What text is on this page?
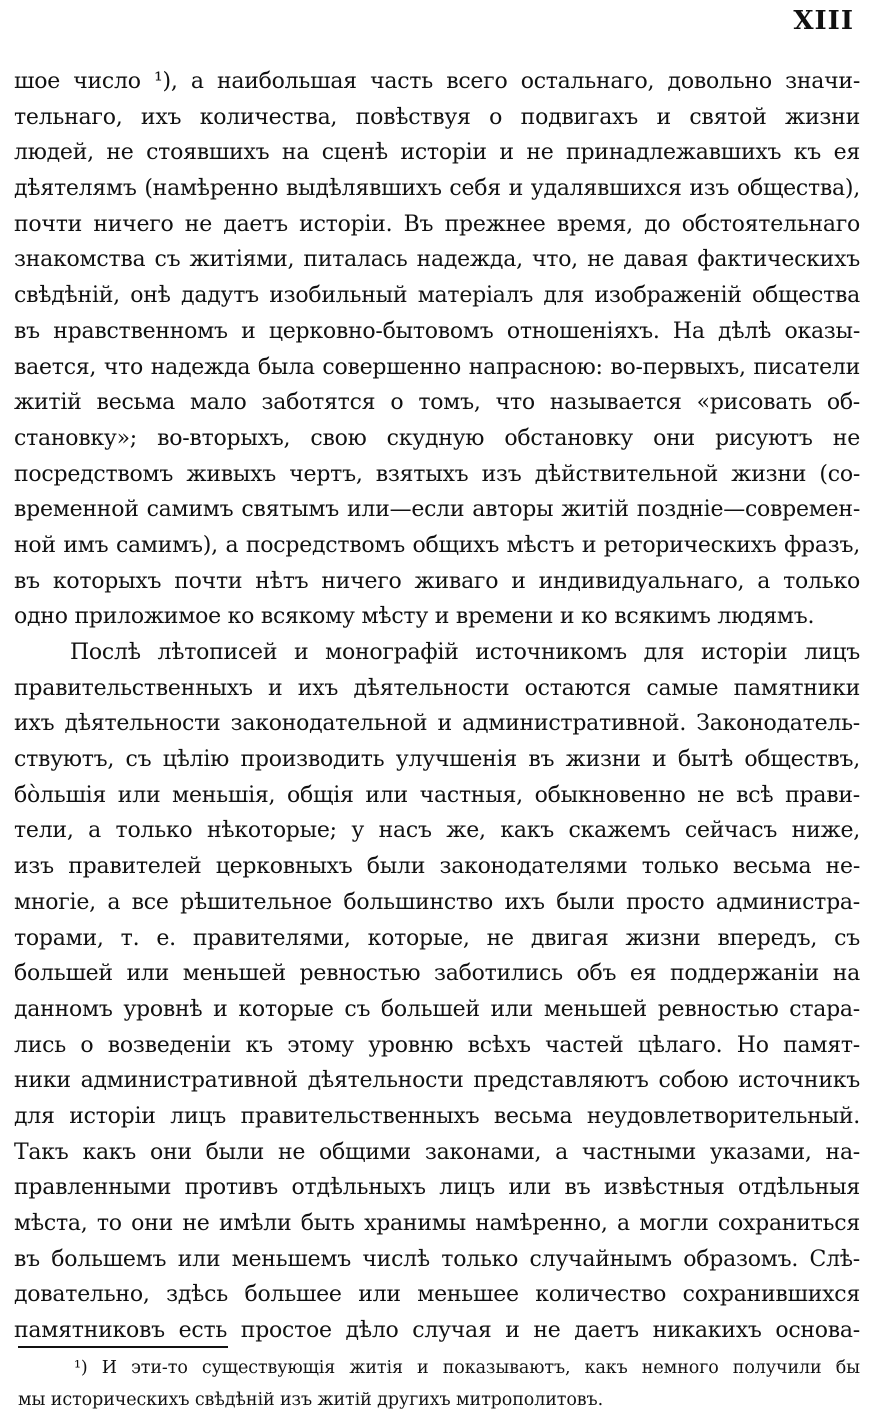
XIII
шое число ¹), а наибольшая часть всего остальнаго, довольно значи-
тельнаго, ихъ количества, повѣствуя о подвигахъ и святой жизни
людей, не стоявшихъ на сценѣ исторіи и не принадлежавшихъ къ ея
дѣятелямъ (намѣренно выдѣлявшихъ себя и удалявшихся изъ общества),
почти ничего не даетъ исторіи. Въ прежнее время, до обстоятельнаго
знакомства съ житіями, питалась надежда, что, не давая фактическихъ
свѣдѣній, онѣ дадутъ изобильный матеріалъ для изображеній общества
въ нравственномъ и церковно-бытовомъ отношеніяхъ. На дѣлѣ оказы-
вается, что надежда была совершенно напрасною: во-первыхъ, писатели
житій весьма мало заботятся о томъ, что называется «рисовать об-
становку»; во-вторыхъ, свою скудную обстановку они рисуютъ не
посредствомъ живыхъ чертъ, взятыхъ изъ дѣйствительной жизни (со-
временной самимъ святымъ или—если авторы житій позднiе—современ-
ной имъ самимъ), а посредствомъ общихъ мѣстъ и реторическихъ фразъ,
въ которыхъ почти нѣтъ ничего живаго и индивидуальнаго, а только
одно приложимое ко всякому мѣсту и времени и ко всякимъ людямъ.
Послѣ лѣтописей и монографій источникомъ для исторіи лицъ
правительственныхъ и ихъ дѣятельности остаются самые памятники
ихъ дѣятельности законодательной и административной. Законодатель-
ствуютъ, съ цѣлію производить улучшенія въ жизни и бытѣ обществъ,
бо̀льшія или меньшія, общія или частныя, обыкновенно не всѣ прави-
тели, а только нѣкоторые; у насъ же, какъ скажемъ сейчасъ ниже,
изъ правителей церковныхъ были законодателями только весьма не-
многіе, а все рѣшительное большинство ихъ были просто администра-
торами, т. е. правителями, которые, не двигая жизни впередъ, съ
большей или меньшей ревностью заботились объ ея поддержаніи на
данномъ уровнѣ и которые съ большей или меньшей ревностью стара-
лись о возведеніи къ этому уровню всѣхъ частей цѣлаго. Но памят-
ники административной дѣятельности представляютъ собою источникъ
для исторіи лицъ правительственныхъ весьма неудовлетворительный.
Такъ какъ они были не общими законами, а частными указами, на-
правленными противъ отдѣльныхъ лицъ или въ извѣстныя отдѣльныя
мѣста, то они не имѣли быть хранимы намѣренно, а могли сохраниться
въ большемъ или меньшемъ числѣ только случайнымъ образомъ. Слѣ-
довательно, здѣсь большее или меньшее количество сохранившихся
памятниковъ есть простое дѣло случая и не даетъ никакихъ основа-
¹) И эти-то существующія житія и показываютъ, какъ немного получили бы
мы историческихъ свѣдѣній изъ житій другихъ митрополитовъ.
